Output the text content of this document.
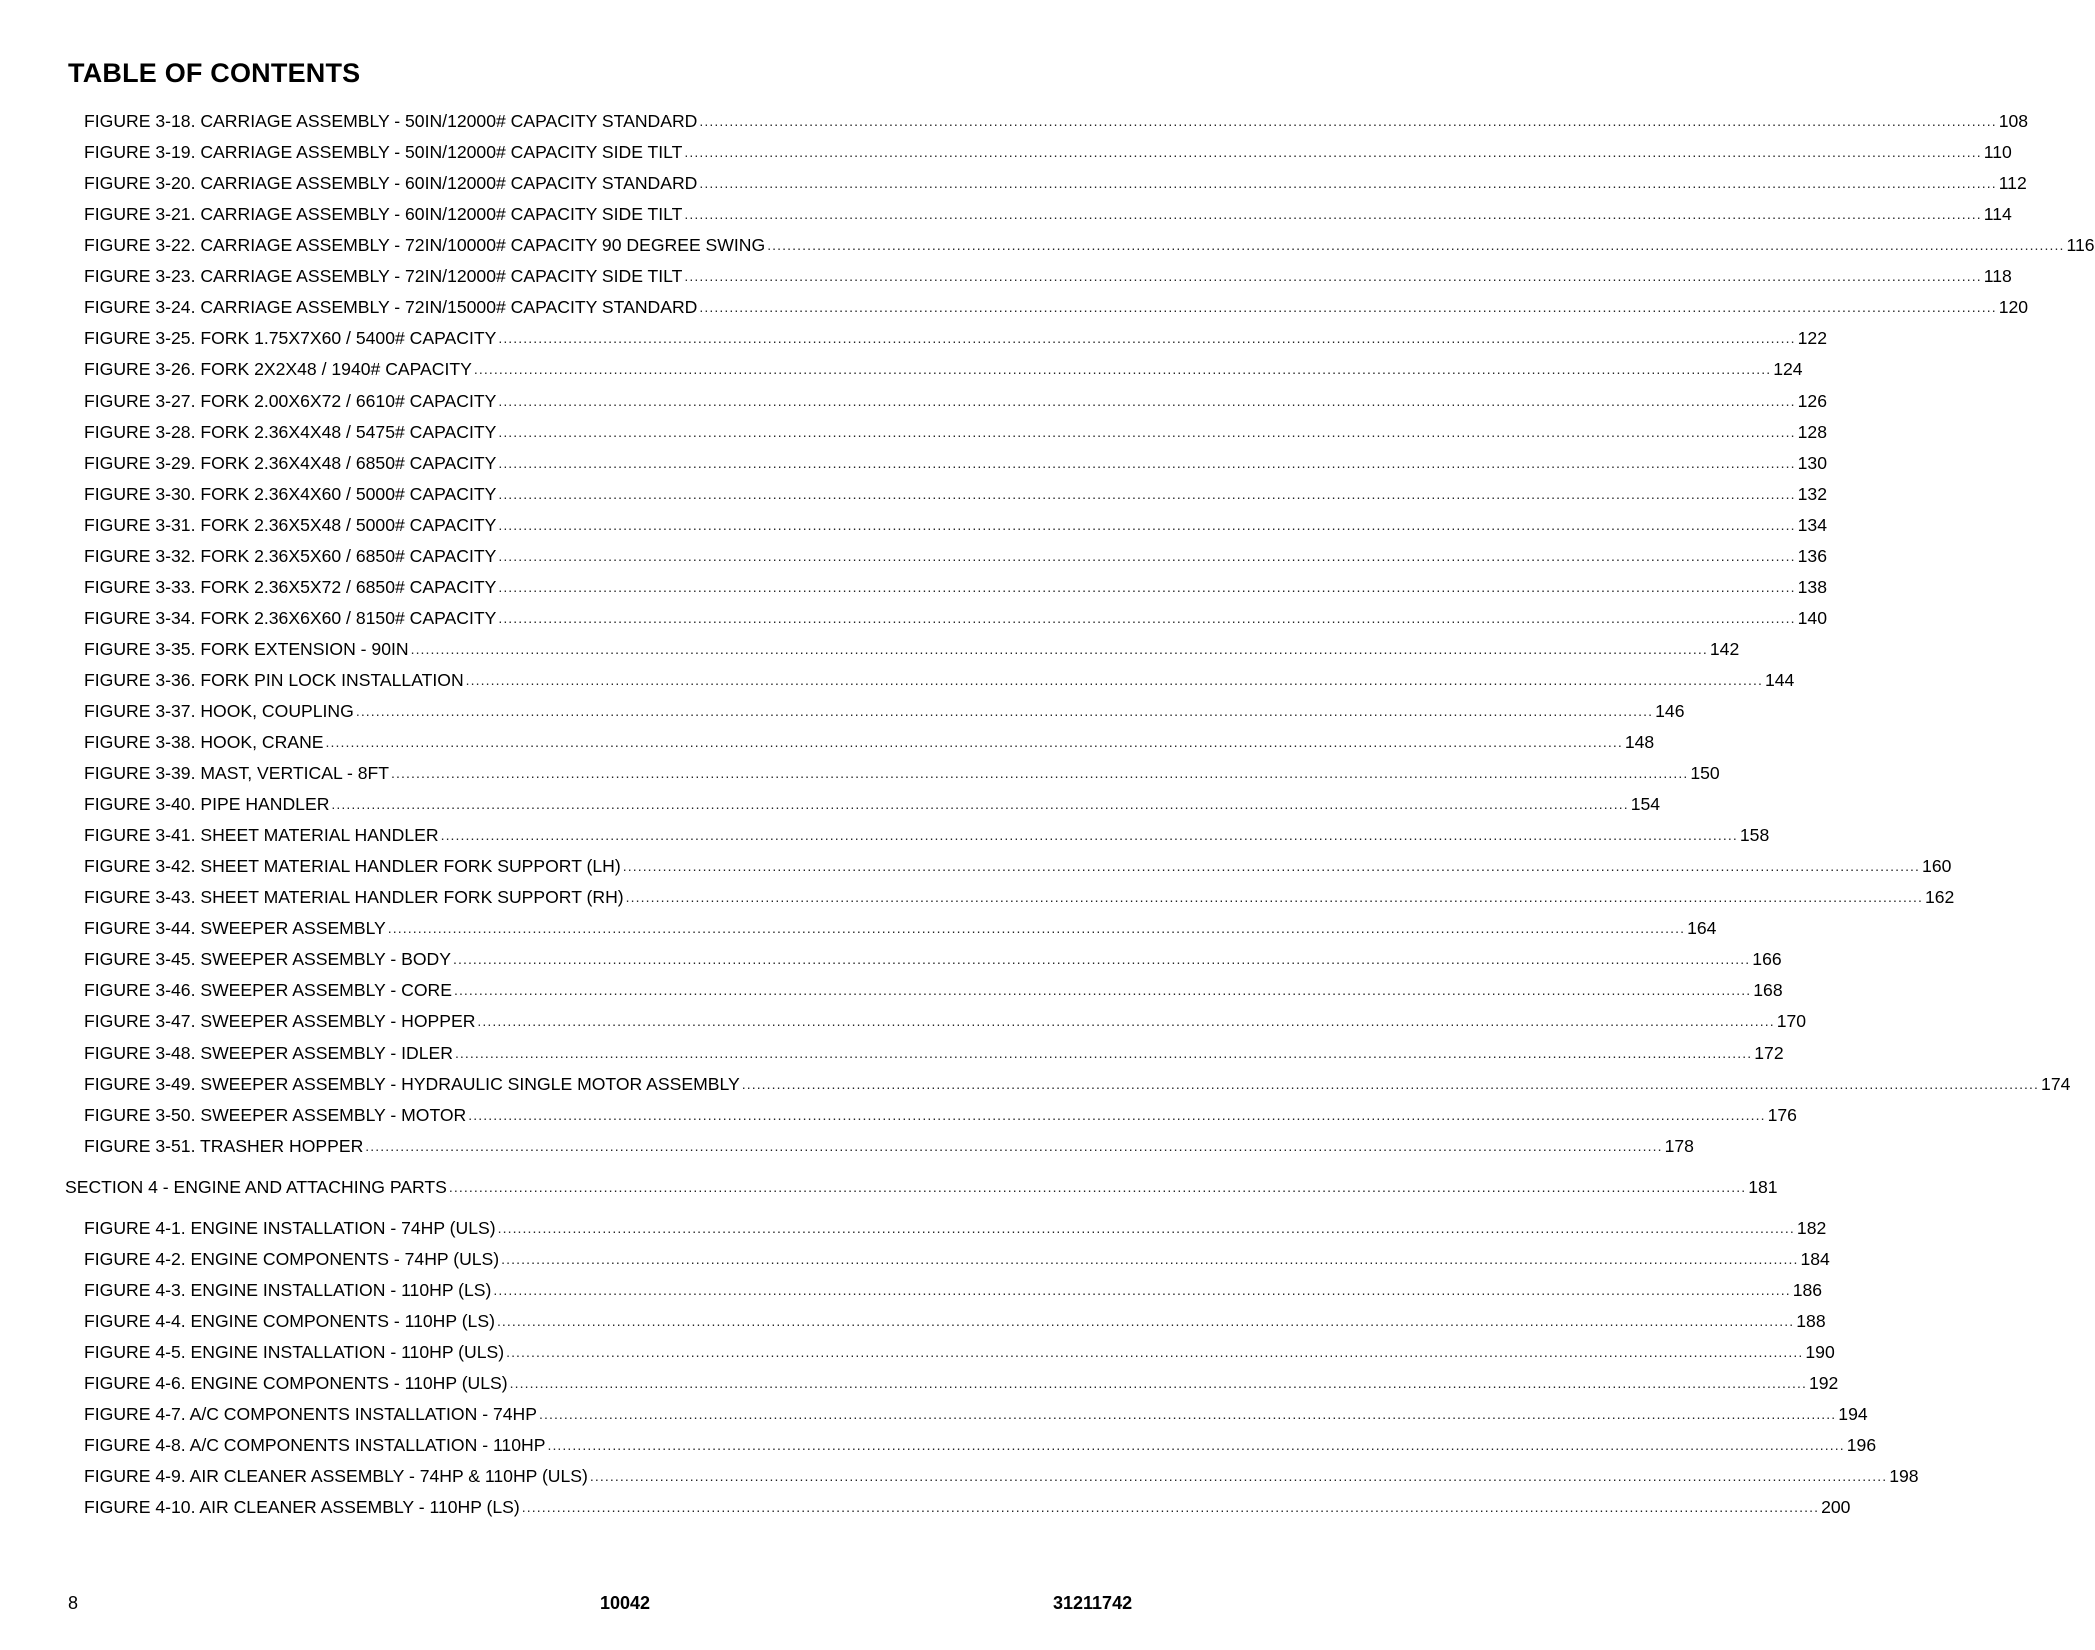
TABLE OF CONTENTS
FIGURE 3-18. CARRIAGE ASSEMBLY - 50IN/12000# CAPACITY STANDARD .................................................................................................................................................................................................................................................................... 108
FIGURE 3-19. CARRIAGE ASSEMBLY - 50IN/12000# CAPACITY SIDE TILT .................................................................................................................................................................................................................................................................... 110
FIGURE 3-20. CARRIAGE ASSEMBLY - 60IN/12000# CAPACITY STANDARD .................................................................................................................................................................................................................................................................... 112
FIGURE 3-21. CARRIAGE ASSEMBLY - 60IN/12000# CAPACITY SIDE TILT .................................................................................................................................................................................................................................................................... 114
FIGURE 3-22. CARRIAGE ASSEMBLY - 72IN/10000# CAPACITY 90 DEGREE SWING .................................................................................................................................................................................................................................................................... 116
FIGURE 3-23. CARRIAGE ASSEMBLY - 72IN/12000# CAPACITY SIDE TILT .................................................................................................................................................................................................................................................................... 118
FIGURE 3-24. CARRIAGE ASSEMBLY - 72IN/15000# CAPACITY STANDARD .................................................................................................................................................................................................................................................................... 120
FIGURE 3-25. FORK 1.75X7X60 / 5400# CAPACITY .................................................................................................................................................................................................................................................................... 122
FIGURE 3-26. FORK 2X2X48 / 1940# CAPACITY .................................................................................................................................................................................................................................................................... 124
FIGURE 3-27. FORK 2.00X6X72 / 6610# CAPACITY .................................................................................................................................................................................................................................................................... 126
FIGURE 3-28. FORK 2.36X4X48 / 5475# CAPACITY .................................................................................................................................................................................................................................................................... 128
FIGURE 3-29. FORK 2.36X4X48 / 6850# CAPACITY .................................................................................................................................................................................................................................................................... 130
FIGURE 3-30. FORK 2.36X4X60 / 5000# CAPACITY .................................................................................................................................................................................................................................................................... 132
FIGURE 3-31. FORK 2.36X5X48 / 5000# CAPACITY .................................................................................................................................................................................................................................................................... 134
FIGURE 3-32. FORK 2.36X5X60 / 6850# CAPACITY .................................................................................................................................................................................................................................................................... 136
FIGURE 3-33. FORK 2.36X5X72 / 6850# CAPACITY .................................................................................................................................................................................................................................................................... 138
FIGURE 3-34. FORK 2.36X6X60 / 8150# CAPACITY .................................................................................................................................................................................................................................................................... 140
FIGURE 3-35. FORK EXTENSION - 90IN .................................................................................................................................................................................................................................................................... 142
FIGURE 3-36. FORK PIN LOCK INSTALLATION .................................................................................................................................................................................................................................................................... 144
FIGURE 3-37. HOOK, COUPLING .................................................................................................................................................................................................................................................................... 146
FIGURE 3-38. HOOK, CRANE .................................................................................................................................................................................................................................................................... 148
FIGURE 3-39. MAST, VERTICAL - 8FT .................................................................................................................................................................................................................................................................... 150
FIGURE 3-40. PIPE HANDLER .................................................................................................................................................................................................................................................................... 154
FIGURE 3-41. SHEET MATERIAL HANDLER .................................................................................................................................................................................................................................................................... 158
FIGURE 3-42. SHEET MATERIAL HANDLER FORK SUPPORT (LH) .................................................................................................................................................................................................................................................................... 160
FIGURE 3-43. SHEET MATERIAL HANDLER FORK SUPPORT (RH) .................................................................................................................................................................................................................................................................... 162
FIGURE 3-44. SWEEPER ASSEMBLY .................................................................................................................................................................................................................................................................... 164
FIGURE 3-45. SWEEPER ASSEMBLY - BODY .................................................................................................................................................................................................................................................................... 166
FIGURE 3-46. SWEEPER ASSEMBLY - CORE .................................................................................................................................................................................................................................................................... 168
FIGURE 3-47. SWEEPER ASSEMBLY - HOPPER .................................................................................................................................................................................................................................................................... 170
FIGURE 3-48. SWEEPER ASSEMBLY - IDLER .................................................................................................................................................................................................................................................................... 172
FIGURE 3-49. SWEEPER ASSEMBLY - HYDRAULIC SINGLE MOTOR ASSEMBLY .................................................................................................................................................................................................................................................................... 174
FIGURE 3-50. SWEEPER ASSEMBLY - MOTOR .................................................................................................................................................................................................................................................................... 176
FIGURE 3-51. TRASHER HOPPER .................................................................................................................................................................................................................................................................... 178
SECTION 4 - ENGINE AND ATTACHING PARTS .................................................................................................................................................................................................................................................................... 181
FIGURE 4-1. ENGINE INSTALLATION - 74HP (ULS) .................................................................................................................................................................................................................................................................... 182
FIGURE 4-2. ENGINE COMPONENTS - 74HP (ULS) .................................................................................................................................................................................................................................................................... 184
FIGURE 4-3. ENGINE INSTALLATION - 110HP (LS) .................................................................................................................................................................................................................................................................... 186
FIGURE 4-4. ENGINE COMPONENTS - 110HP (LS) .................................................................................................................................................................................................................................................................... 188
FIGURE 4-5. ENGINE INSTALLATION - 110HP (ULS) .................................................................................................................................................................................................................................................................... 190
FIGURE 4-6. ENGINE COMPONENTS - 110HP (ULS) .................................................................................................................................................................................................................................................................... 192
FIGURE 4-7. A/C COMPONENTS INSTALLATION - 74HP .................................................................................................................................................................................................................................................................... 194
FIGURE 4-8. A/C COMPONENTS INSTALLATION - 110HP .................................................................................................................................................................................................................................................................... 196
FIGURE 4-9. AIR CLEANER ASSEMBLY - 74HP & 110HP (ULS) .................................................................................................................................................................................................................................................................... 198
FIGURE 4-10. AIR CLEANER ASSEMBLY - 110HP (LS) .................................................................................................................................................................................................................................................................... 200
8	10042	31211742
